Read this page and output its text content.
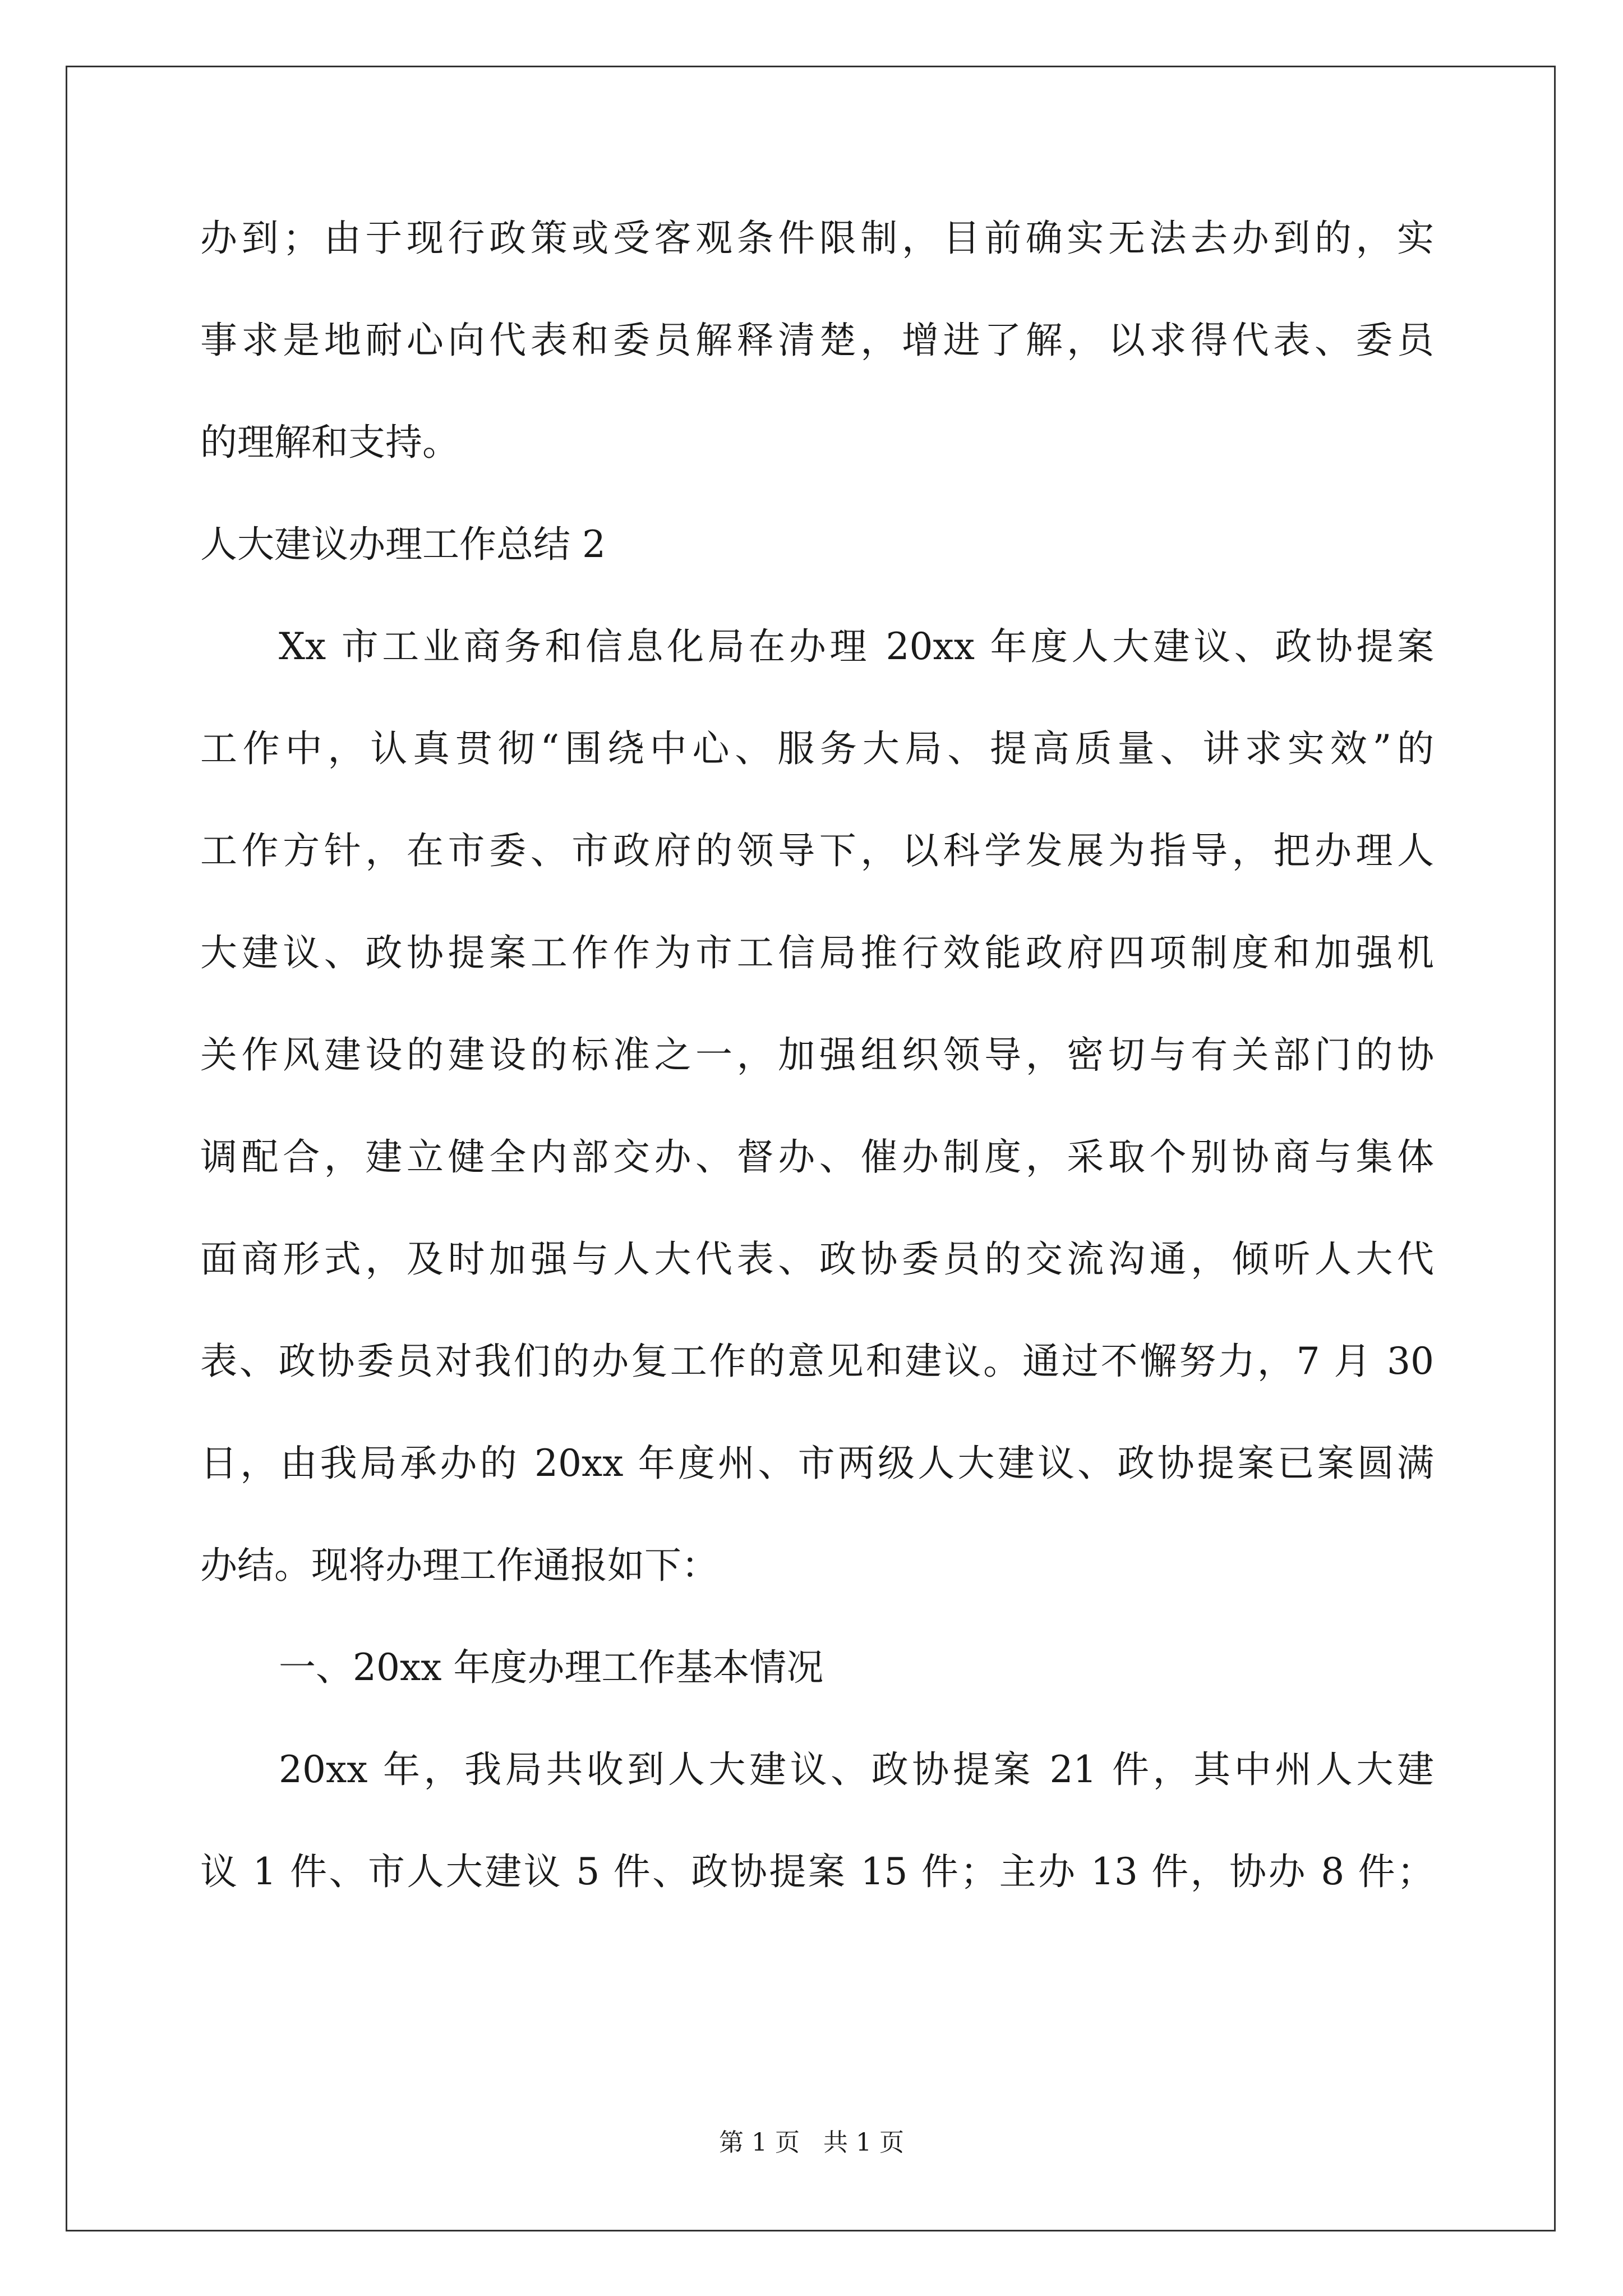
办到；由于现行政策或受客观条件限制，目前确实无法去办到的，实
事求是地耐心向代表和委员解释清楚，增进了解，以求得代表、委员
的理解和支持。
人大建议办理工作总结 2
Xx 市工业商务和信息化局在办理 20xx 年度人大建议、政协提案
工作中，认真贯彻“围绕中心、服务大局、提高质量、讲求实效”的
工作方针，在市委、市政府的领导下，以科学发展为指导，把办理人
大建议、政协提案工作作为市工信局推行效能政府四项制度和加强机
关作风建设的建设的标准之一，加强组织领导，密切与有关部门的协
调配合，建立健全内部交办、督办、催办制度，采取个别协商与集体
面商形式，及时加强与人大代表、政协委员的交流沟通，倾听人大代
表、政协委员对我们的办复工作的意见和建议。通过不懈努力，7 月 30
日，由我局承办的 20xx 年度州、市两级人大建议、政协提案已案圆满
办结。现将办理工作通报如下：
一、20xx 年度办理工作基本情况
20xx 年，我局共收到人大建议、政协提案 21 件，其中州人大建
议 1 件、市人大建议 5 件、政协提案 15 件；主办 13 件，协办 8 件；
第 1 页 共 1 页
